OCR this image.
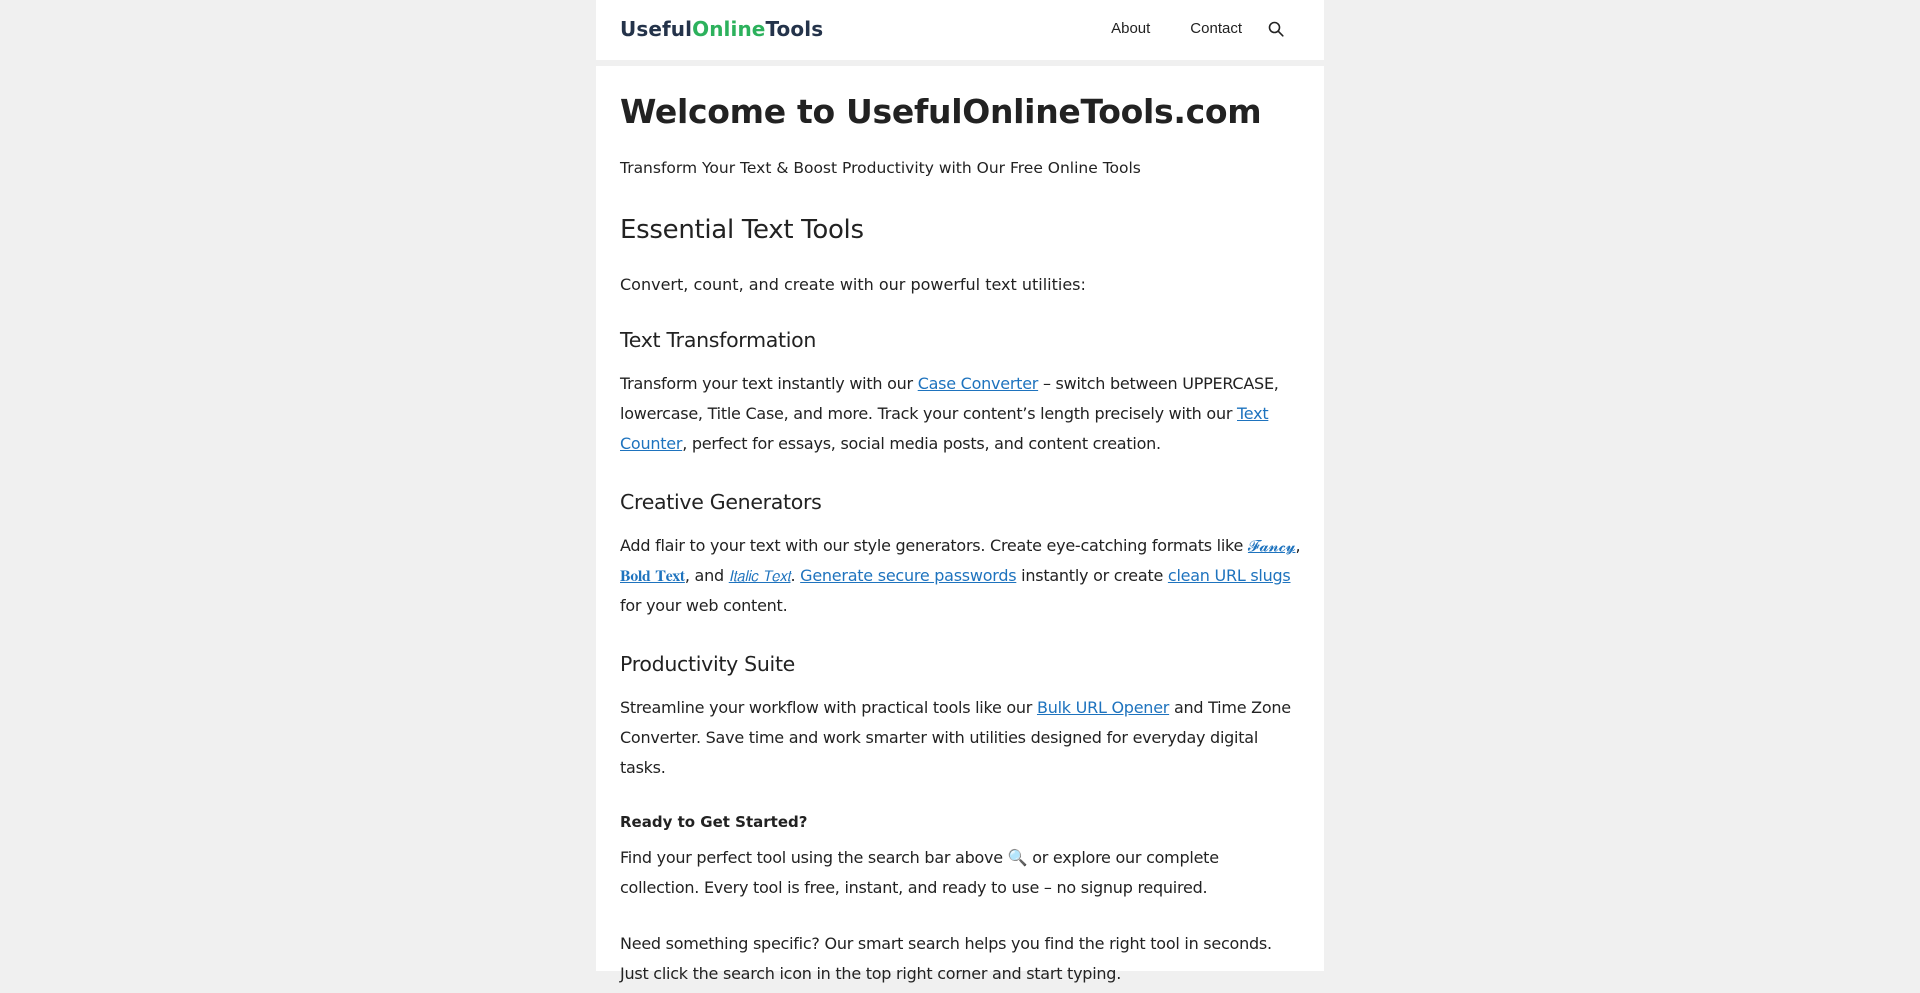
UsefulOnlineTools	About	Contact
Welcome to UsefulOnlineTools.com
Transform Your Text & Boost Productivity with Our Free Online Tools
Essential Text Tools
Convert, count, and create with our powerful text utilities:
Text Transformation

Transform your text instantly with our Case Converter – switch between UPPERCASE, lowercase, Title Case, and more. Track your content’s length precisely with our Text Counter, perfect for essays, social media posts, and content creation.

Creative Generators

Add flair to your text with our style generators. Create eye-catching formats like 𝓕𝓪𝓷𝓬𝔂, 𝐁𝐨𝐥𝐝 𝐓𝐞𝐱𝐭, and 𝘐𝘵𝘢𝘭𝘪𝘤 𝘛𝘦𝘹𝘵. Generate secure passwords instantly or create clean URL slugs for your web content.

Productivity Suite

Streamline your workflow with practical tools like our Bulk URL Opener and Time Zone Converter. Save time and work smarter with utilities designed for everyday digital tasks.

Ready to Get Started?

Find your perfect tool using the search bar above 🔍 or explore our complete collection. Every tool is free, instant, and ready to use – no signup required.

Need something specific? Our smart search helps you find the right tool in seconds. Just click the search icon in the top right corner and start typing.
